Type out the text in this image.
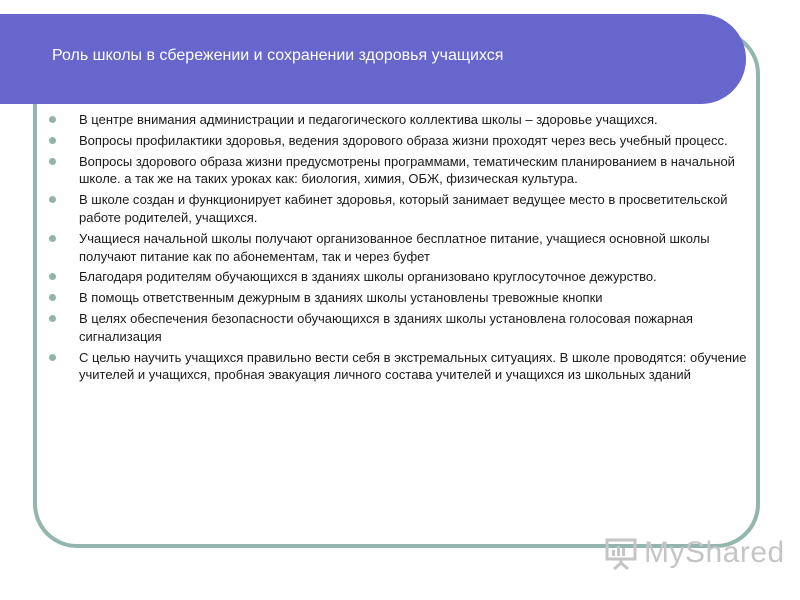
Роль школы в сбережении и сохранении здоровья учащихся
В центре внимания администрации и педагогического коллектива школы – здоровье учащихся.
Вопросы профилактики здоровья, ведения здорового образа жизни проходят через весь учебный процесс.
Вопросы здорового образа жизни предусмотрены программами, тематическим планированием в начальной школе. а так же на таких уроках как: биология, химия, ОБЖ, физическая культура.
В школе создан и функционирует кабинет здоровья, который занимает ведущее место в просветительской работе родителей, учащихся.
Учащиеся начальной школы получают организованное бесплатное питание, учащиеся основной школы получают питание как по абонементам, так и через буфет
Благодаря родителям обучающихся в зданиях школы организовано круглосуточное дежурство.
В помощь ответственным дежурным в зданиях школы установлены тревожные кнопки
В целях обеспечения безопасности обучающихся в зданиях школы установлена голосовая пожарная сигнализация
С целью научить учащихся правильно вести себя в экстремальных ситуациях. В школе проводятся: обучение учителей и учащихся, пробная эвакуация личного состава учителей и учащихся из школьных зданий
MyShared
